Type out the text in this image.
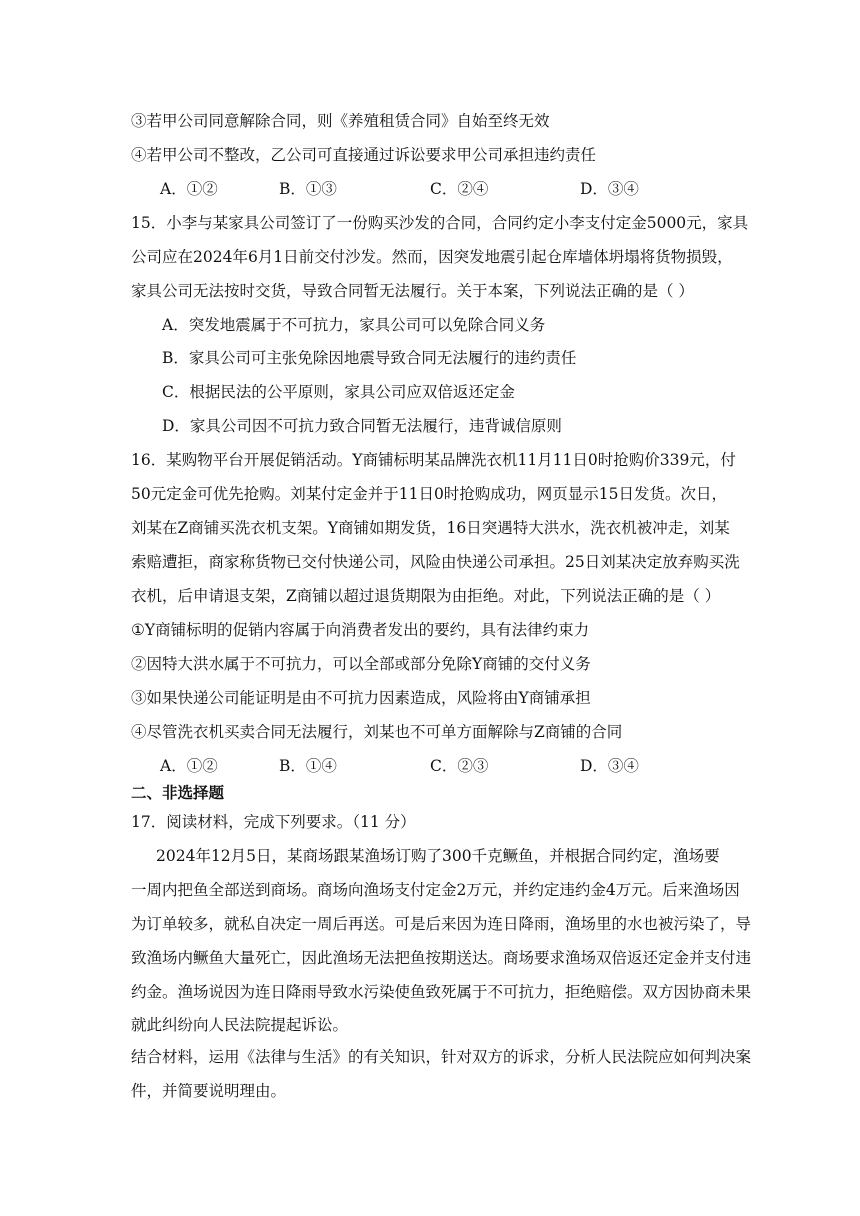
③若甲公司同意解除合同，则《养殖租赁合同》自始至终无效
④若甲公司不整改，乙公司可直接通过诉讼要求甲公司承担违约责任
A．①②	B．①③	C．②④	D．③④
15．小李与某家具公司签订了一份购买沙发的合同，合同约定小李支付定金5000元，家具
公司应在2024年6月1日前交付沙发。然而，因突发地震引起仓库墙体坍塌将货物损毁，
家具公司无法按时交货，导致合同暂无法履行。关于本案，下列说法正确的是（ ）
A．突发地震属于不可抗力，家具公司可以免除合同义务
B．家具公司可主张免除因地震导致合同无法履行的违约责任
C．根据民法的公平原则，家具公司应双倍返还定金
D．家具公司因不可抗力致合同暂无法履行，违背诚信原则
16．某购物平台开展促销活动。Y商铺标明某品牌洗衣机11月11日0时抢购价339元，付
50元定金可优先抢购。刘某付定金并于11日0时抢购成功，网页显示15日发货。次日，
刘某在Z商铺买洗衣机支架。Y商铺如期发货，16日突遇特大洪水，洗衣机被冲走，刘某
索赔遭拒，商家称货物已交付快递公司，风险由快递公司承担。25日刘某决定放弃购买洗
衣机，后申请退支架，Z商铺以超过退货期限为由拒绝。对此，下列说法正确的是（ ）
①Y商铺标明的促销内容属于向消费者发出的要约，具有法律约束力
②因特大洪水属于不可抗力，可以全部或部分免除Y商铺的交付义务
③如果快递公司能证明是由不可抗力因素造成，风险将由Y商铺承担
④尽管洗衣机买卖合同无法履行，刘某也不可单方面解除与Z商铺的合同
A．①②	B．①④	C．②③	D．③④
二、非选择题
17．阅读材料，完成下列要求。（11 分）
2024年12月5日，某商场跟某渔场订购了300千克鳜鱼，并根据合同约定，渔场要
一周内把鱼全部送到商场。商场向渔场支付定金2万元，并约定违约金4万元。后来渔场因
为订单较多，就私自决定一周后再送。可是后来因为连日降雨，渔场里的水也被污染了，导
致渔场内鳜鱼大量死亡，因此渔场无法把鱼按期送达。商场要求渔场双倍返还定金并支付违
约金。渔场说因为连日降雨导致水污染使鱼致死属于不可抗力，拒绝赔偿。双方因协商未果
就此纠纷向人民法院提起诉讼。
结合材料，运用《法律与生活》的有关知识，针对双方的诉求，分析人民法院应如何判决案
件，并简要说明理由。
